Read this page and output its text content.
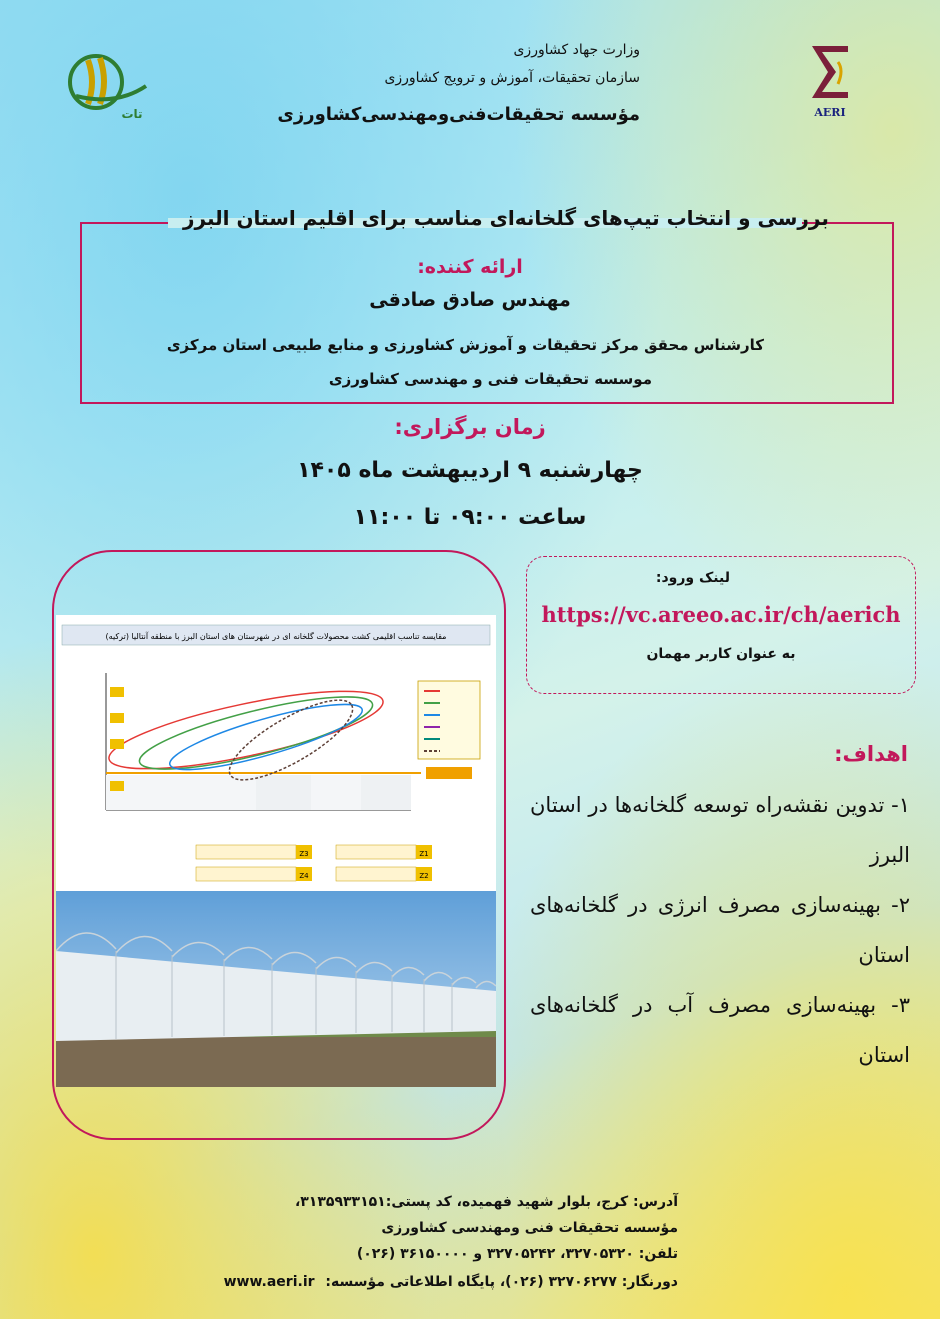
AERI
تات
وزارت جهاد کشاورزی
سازمان تحقیقات، آموزش و ترویج کشاورزی
مؤسسه تحقیقات‌فنی‌و‌مهندسی‌کشاورزی
بررسی و انتخاب تیپ‌های گلخانه‌ای مناسب برای اقلیم استان البرز
ارائه کننده:
مهندس صادق صادقی
کارشناس محقق مرکز تحقیقات و آموزش کشاورزی و منابع طبیعی استان مرکزی
موسسه تحقیقات فنی و مهندسی کشاورزی
زمان برگزاری:
چهارشنبه ۹ اردیبهشت ماه ۱۴۰۵
ساعت ۰۹:۰۰ تا ۱۱:۰۰
مقایسه تناسب اقلیمی کشت محصولات گلخانه ای در شهرستان های استان البرز با منطقه آنتالیا (ترکیه)
Z3	Z1
Z4	Z2
لینک ورود:
https://vc.areeo.ac.ir/ch/aerich
به عنوان کاربر مهمان
اهداف:
۱- تدوین نقشه‌راه توسعه گلخانه‌ها در استان البرز
۲- بهینه‌سازی مصرف انرژی در گلخانه‌های استان
۳- بهینه‌سازی مصرف آب در گلخانه‌های استان
آدرس: کرج، بلوار شهید فهمیده، کد پستی:۳۱۳۵۹۳۳۱۵۱،
مؤسسه تحقیقات فنی ومهندسی کشاورزی
تلفن: ۳۲۷۰۵۳۲۰، ۳۲۷۰۵۲۴۲ و ۳۶۱۵۰۰۰۰ (۰۲۶)
دورنگار: ۳۲۷۰۶۲۷۷ (۰۲۶)، پایگاه اطلاعاتی مؤسسه: www.aeri.ir
